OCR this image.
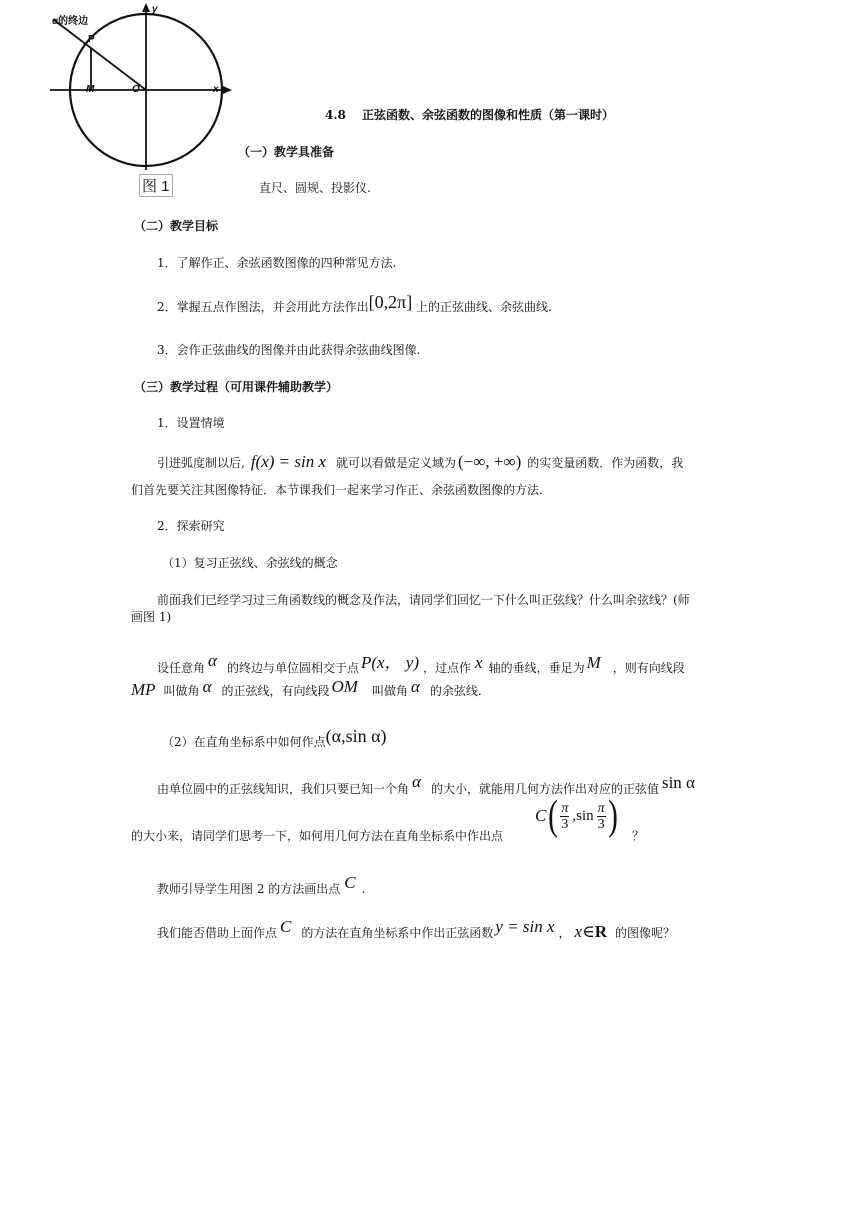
α的终边
P
M	O	x
y
图 1
4.8　 正弦函数、余弦函数的图像和性质（第一课时）
（一）教学具准备
直尺、圆规、投影仪.
（二）教学目标
1．了解作正、余弦函数图像的四种常见方法.
2．掌握五点作图法，并会用此方法作出[0,2π] 上的正弦曲线、余弦曲线.
3．会作正弦曲线的图像并由此获得余弦曲线图像.
（三）教学过程（可用课件辅助教学）
1．设置情境
引进弧度制以后, f(x) = sin x 就可以看做是定义域为 (−∞, +∞) 的实变量函数．作为函数，我
们首先要关注其图像特征．本节课我们一起来学习作正、余弦函数图像的方法.
2．探索研究
（1）复习正弦线、余弦线的概念
前面我们已经学习过三角函数线的概念及作法，请同学们回忆一下什么叫正弦线？什么叫余弦线？(师
画图 1)
设任意角 α 的终边与单位圆相交于点 P(x， y) ，过点作 x 轴的垂线，垂足为 M ，则有向线段
MP 叫做角 α 的正弦线，有向线段 OM 叫做角 α 的余弦线.
（2）在直角坐标系中如何作点(α,sin α)
由单位圆中的正弦线知识，我们只要已知一个角 α 的大小，就能用几何方法作出对应的正弦值 sin α
的大小来，请同学们思考一下，如何用几何方法在直角坐标系中作出点
C ( $\frac{\pi}{3} ,\sin \frac{\pi}{3}$ ) ？
教师引导学生用图 2 的方法画出点 C .
我们能否借助上面作点 C 的方法在直角坐标系中作出正弦函数 y = sin x ， x∈R 的图像呢？
